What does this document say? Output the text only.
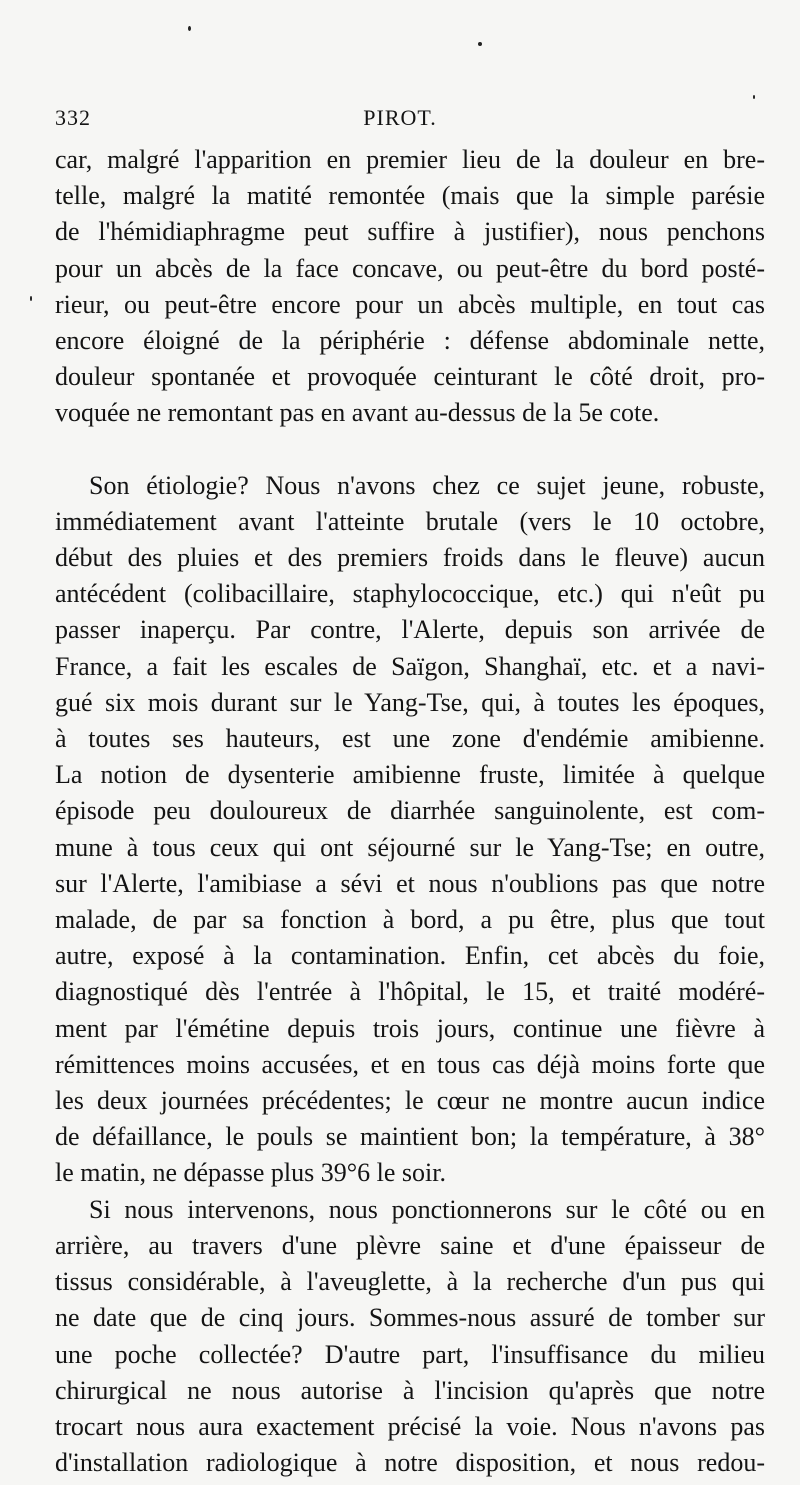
332	PIROT.

car, malgré l'apparition en premier lieu de la douleur en bre-
telle, malgré la matité remontée (mais que la simple parésie
de l'hémidiaphragme peut suffire à justifier), nous penchons
pour un abcès de la face concave, ou peut-être du bord posté-
rieur, ou peut-être encore pour un abcès multiple, en tout cas
encore éloigné de la périphérie : défense abdominale nette,
douleur spontanée et provoquée ceinturant le côté droit, pro-
voquée ne remontant pas en avant au-dessus de la 5e cote.

Son étiologie? Nous n'avons chez ce sujet jeune, robuste,
immédiatement avant l'atteinte brutale (vers le 10 octobre,
début des pluies et des premiers froids dans le fleuve) aucun
antécédent (colibacillaire, staphylococcique, etc.) qui n'eût pu
passer inaperçu. Par contre, l'Alerte, depuis son arrivée de
France, a fait les escales de Saïgon, Shanghaï, etc. et a navi-
gué six mois durant sur le Yang-Tse, qui, à toutes les époques,
à toutes ses hauteurs, est une zone d'endémie amibienne.
La notion de dysenterie amibienne fruste, limitée à quelque
épisode peu douloureux de diarrhée sanguinolente, est com-
mune à tous ceux qui ont séjourné sur le Yang-Tse; en outre,
sur l'Alerte, l'amibiase a sévi et nous n'oublions pas que notre
malade, de par sa fonction à bord, a pu être, plus que tout
autre, exposé à la contamination. Enfin, cet abcès du foie,
diagnostiqué dès l'entrée à l'hôpital, le 15, et traité modéré-
ment par l'émétine depuis trois jours, continue une fièvre à
rémittences moins accusées, et en tous cas déjà moins forte que
les deux journées précédentes; le cœur ne montre aucun indice
de défaillance, le pouls se maintient bon; la température, à 38°
le matin, ne dépasse plus 39°6 le soir.

Si nous intervenons, nous ponctionnerons sur le côté ou en
arrière, au travers d'une plèvre saine et d'une épaisseur de
tissus considérable, à l'aveuglette, à la recherche d'un pus qui
ne date que de cinq jours. Sommes-nous assuré de tomber sur
une poche collectée? D'autre part, l'insuffisance du milieu
chirurgical ne nous autorise à l'incision qu'après que notre
trocart nous aura exactement précisé la voie. Nous n'avons pas
d'installation radiologique à notre disposition, et nous redou-
